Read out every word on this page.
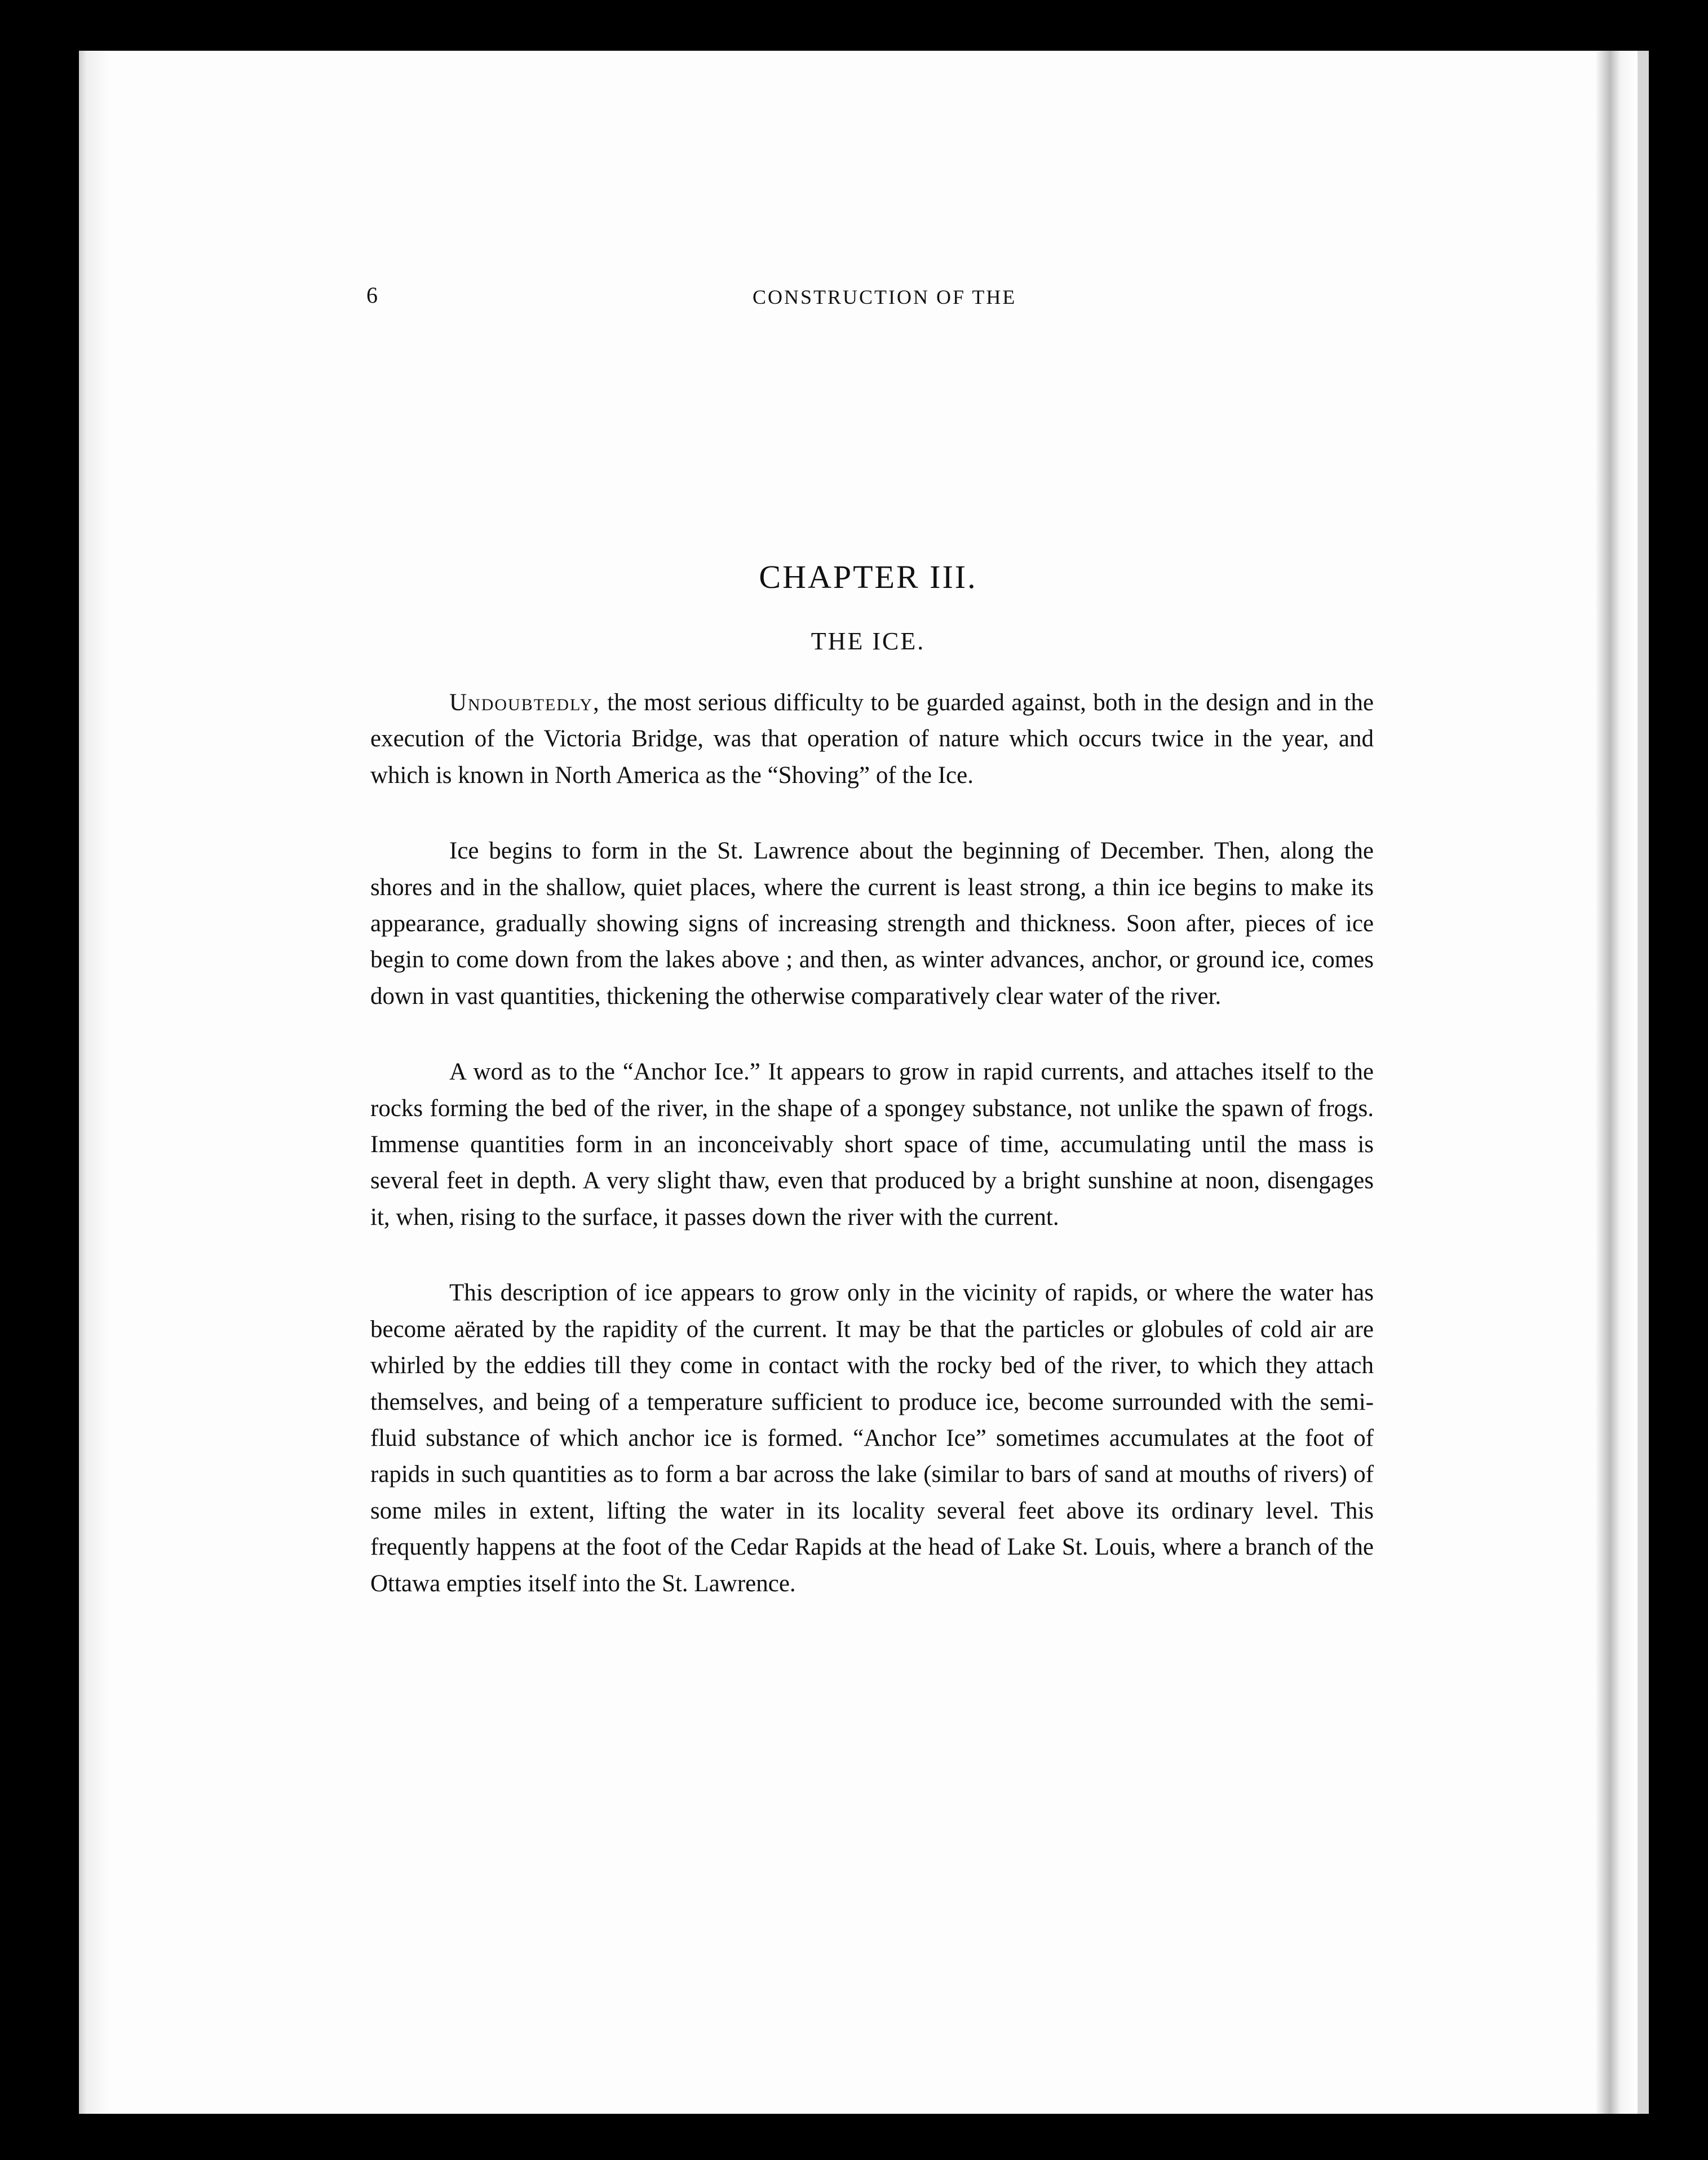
6	CONSTRUCTION OF THE
CHAPTER III.
THE ICE.

Undoubtedly, the most serious difficulty to be guarded against, both in the design and in the execution of the Victoria Bridge, was that operation of nature which occurs twice in the year, and which is known in North America as the “Shoving” of the Ice.

Ice begins to form in the St. Lawrence about the beginning of December. Then, along the shores and in the shallow, quiet places, where the current is least strong, a thin ice begins to make its appearance, gradually showing signs of increasing strength and thickness. Soon after, pieces of ice begin to come down from the lakes above ; and then, as winter advances, anchor, or ground ice, comes down in vast quantities, thickening the otherwise comparatively clear water of the river.

A word as to the “Anchor Ice.” It appears to grow in rapid currents, and attaches itself to the rocks forming the bed of the river, in the shape of a spongey substance, not unlike the spawn of frogs. Immense quantities form in an inconceivably short space of time, accumulating until the mass is several feet in depth. A very slight thaw, even that produced by a bright sunshine at noon, disengages it, when, rising to the surface, it passes down the river with the current.

This description of ice appears to grow only in the vicinity of rapids, or where the water has become aërated by the rapidity of the current. It may be that the particles or globules of cold air are whirled by the eddies till they come in contact with the rocky bed of the river, to which they attach themselves, and being of a temperature sufficient to produce ice, become surrounded with the semi-fluid substance of which anchor ice is formed. “Anchor Ice” sometimes accumulates at the foot of rapids in such quantities as to form a bar across the lake (similar to bars of sand at mouths of rivers) of some miles in extent, lifting the water in its locality several feet above its ordinary level. This frequently happens at the foot of the Cedar Rapids at the head of Lake St. Louis, where a branch of the Ottawa empties itself into the St. Lawrence.
